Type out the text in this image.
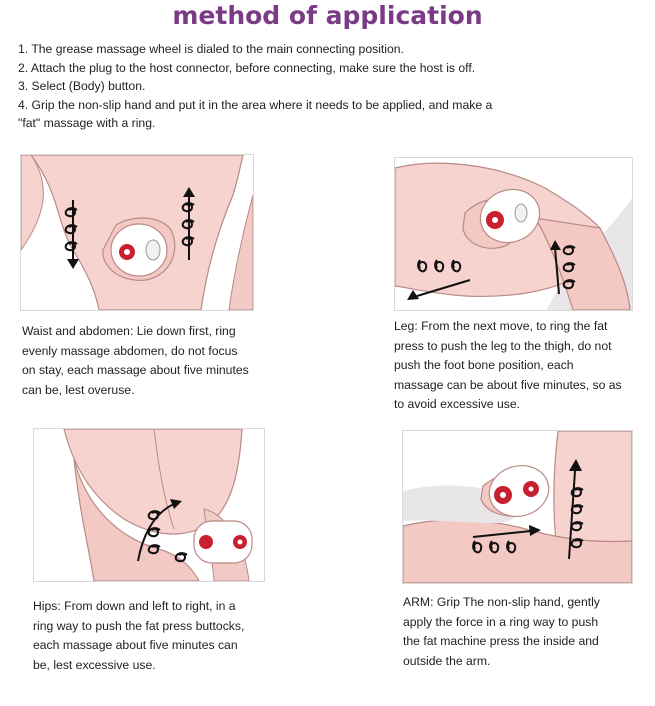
method of application
1. The grease massage wheel is dialed to the main connecting position.
2. Attach the plug to the host connector, before connecting, make sure the host is off.
3. Select (Body) button.
4. Grip the non-slip hand and put it in the area where it needs to be applied, and make a
"fat" massage with a ring.
Waist and abdomen: Lie down first, ring
evenly massage abdomen, do not focus
on stay, each massage about five minutes
can be, lest overuse.
Leg: From the next move, to ring the fat
press to push the leg to the thigh, do not
push the foot bone position, each
massage can be about five minutes, so as
to avoid excessive use.
Hips: From down and left to right, in a
ring way to push the fat press buttocks,
each massage about five minutes can
be, lest excessive use.
ARM: Grip The non-slip hand, gently
apply the force in a ring way to push
the fat machine press the inside and
outside the arm.
